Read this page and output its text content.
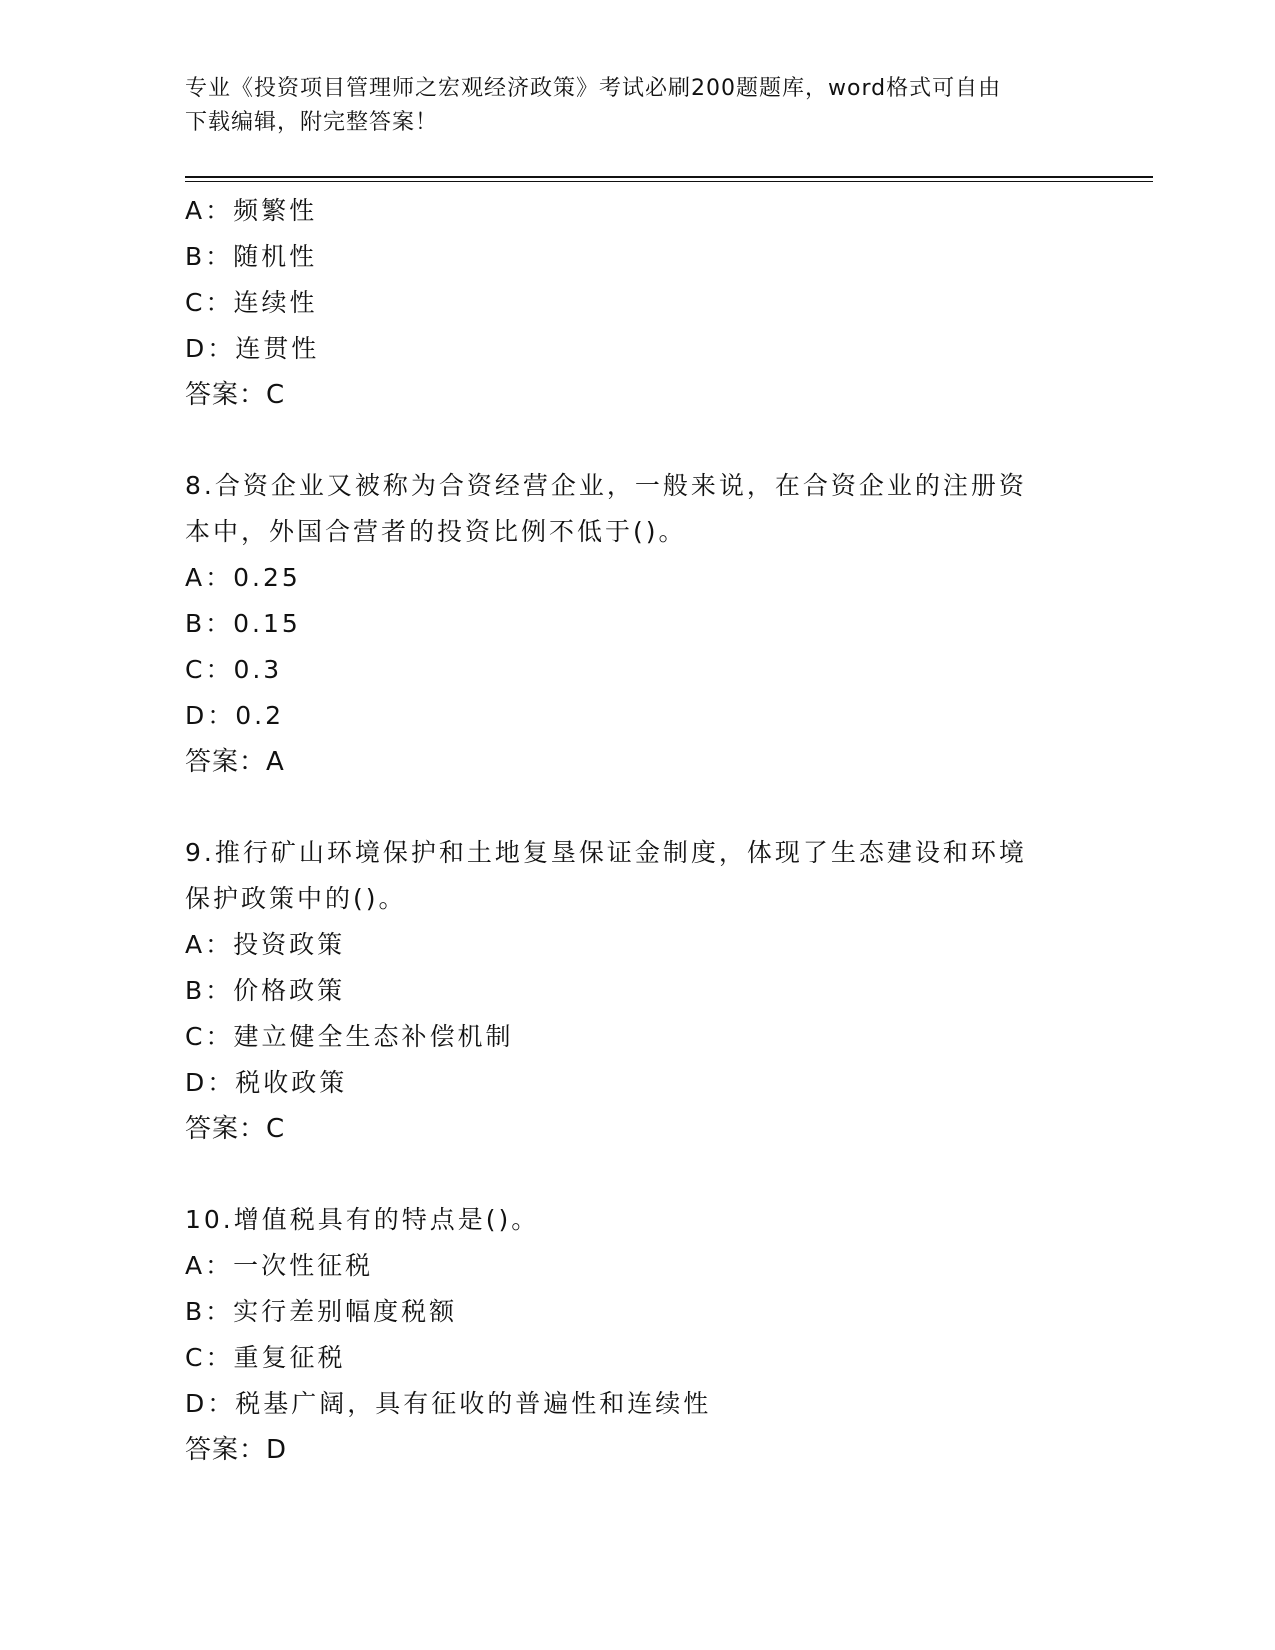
专业《投资项目管理师之宏观经济政策》考试必刷200题题库，word格式可自由
下载编辑，附完整答案！
A：频繁性
B：随机性
C：连续性
D：连贯性
答案：C
8.合资企业又被称为合资经营企业，一般来说，在合资企业的注册资
本中，外国合营者的投资比例不低于()。
A：0.25
B：0.15
C：0.3
D：0.2
答案：A
9.推行矿山环境保护和土地复垦保证金制度，体现了生态建设和环境
保护政策中的()。
A：投资政策
B：价格政策
C：建立健全生态补偿机制
D：税收政策
答案：C
10.增值税具有的特点是()。
A：一次性征税
B：实行差别幅度税额
C：重复征税
D：税基广阔，具有征收的普遍性和连续性
答案：D
